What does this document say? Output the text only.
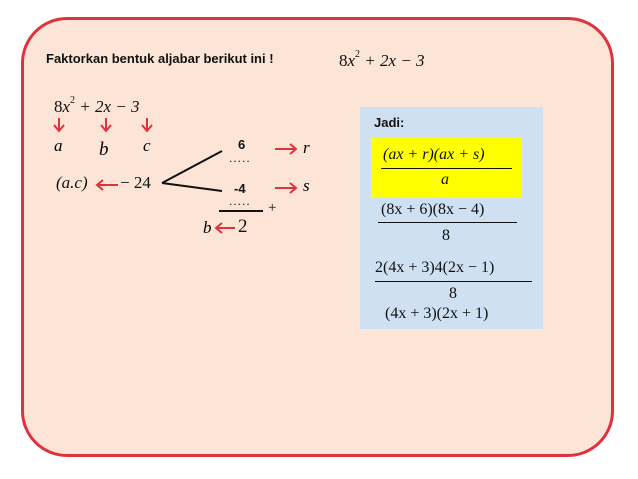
Faktorkan bentuk aljabar berikut ini !	$8x^2 + 2x - 3$
$8x^2 + 2x - 3$
a b c
(a.c) − 24
6
.....
-4
..... +
r
s
b 2
Jadi:
(ax + r)(ax + s)
a
(8x + 6)(8x − 4)
8
2(4x + 3)4(2x − 1)
8
(4x + 3)(2x + 1)
